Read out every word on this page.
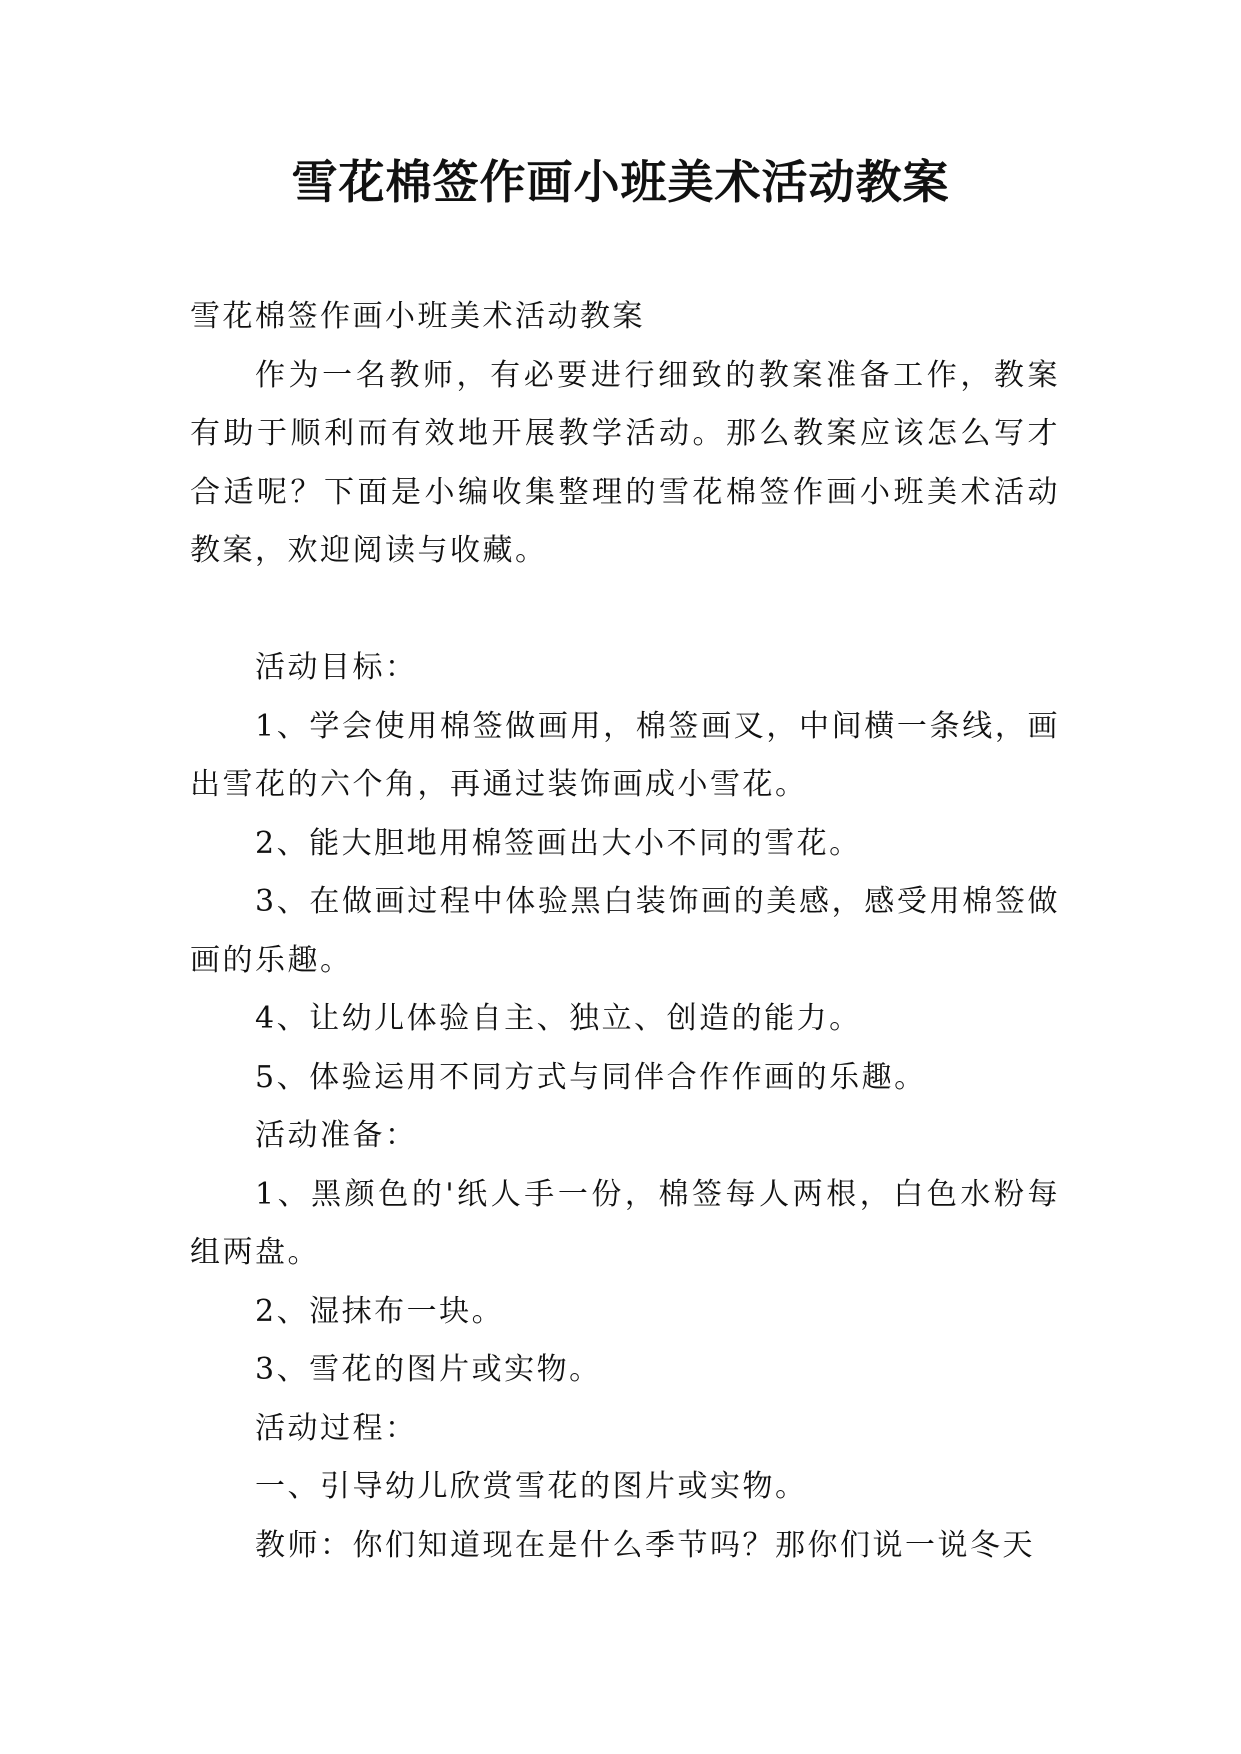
雪花棉签作画小班美术活动教案

雪花棉签作画小班美术活动教案

作为一名教师，有必要进行细致的教案准备工作，教案有助于顺利而有效地开展教学活动。那么教案应该怎么写才合适呢？下面是小编收集整理的雪花棉签作画小班美术活动教案，欢迎阅读与收藏。

活动目标：

1、学会使用棉签做画用，棉签画叉，中间横一条线，画出雪花的六个角，再通过装饰画成小雪花。

2、能大胆地用棉签画出大小不同的雪花。

3、在做画过程中体验黑白装饰画的美感，感受用棉签做画的乐趣。

4、让幼儿体验自主、独立、创造的能力。

5、体验运用不同方式与同伴合作作画的乐趣。

活动准备：

1、黑颜色的'纸人手一份，棉签每人两根，白色水粉每组两盘。

2、湿抹布一块。

3、雪花的图片或实物。

活动过程：

一、引导幼儿欣赏雪花的图片或实物。

教师：你们知道现在是什么季节吗？那你们说一说冬天
